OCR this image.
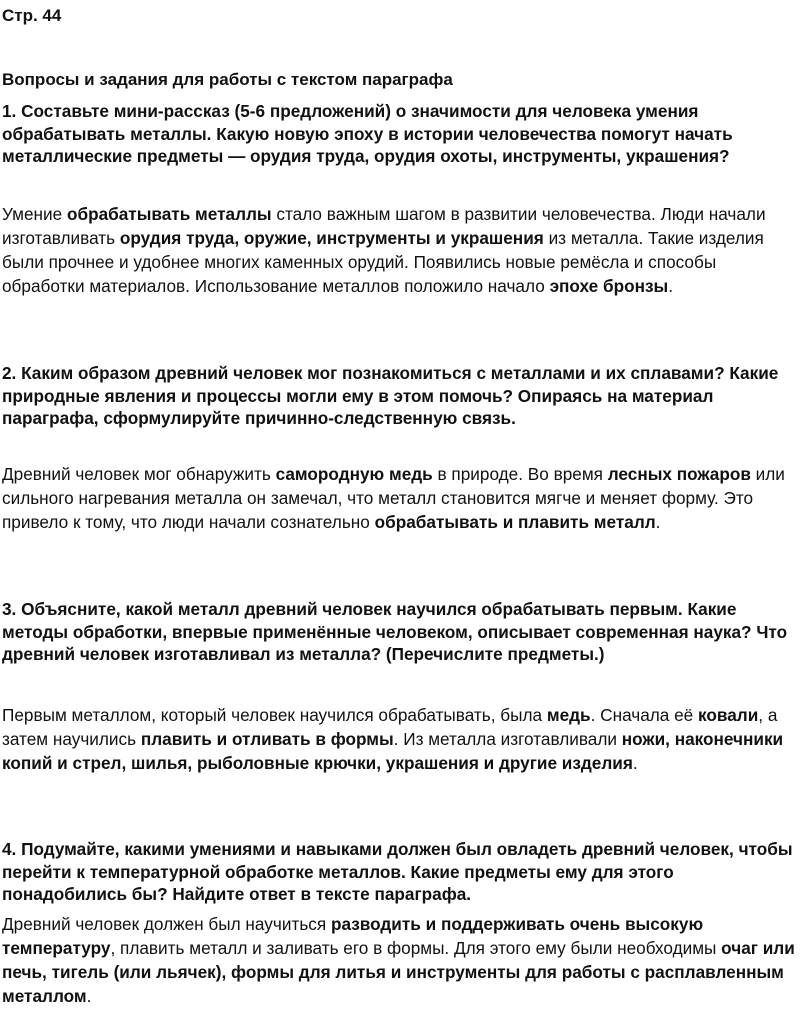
Стр. 44

Вопросы и задания для работы с текстом параграфа

1. Составьте мини-рассказ (5-6 предложений) о значимости для человека умения обрабатывать металлы. Какую новую эпоху в истории человечества помогут начать металлические предметы — орудия труда, орудия охоты, инструменты, украшения?

Умение обрабатывать металлы стало важным шагом в развитии человечества. Люди начали изготавливать орудия труда, оружие, инструменты и украшения из металла. Такие изделия были прочнее и удобнее многих каменных орудий. Появились новые ремёсла и способы обработки материалов. Использование металлов положило начало эпохе бронзы.

2. Каким образом древний человек мог познакомиться с металлами и их сплавами? Какие природные явления и процессы могли ему в этом помочь? Опираясь на материал параграфа, сформулируйте причинно-следственную связь.

Древний человек мог обнаружить самородную медь в природе. Во время лесных пожаров или сильного нагревания металла он замечал, что металл становится мягче и меняет форму. Это привело к тому, что люди начали сознательно обрабатывать и плавить металл.

3. Объясните, какой металл древний человек научился обрабатывать первым. Какие методы обработки, впервые применённые человеком, описывает современная наука? Что древний человек изготавливал из металла? (Перечислите предметы.)

Первым металлом, который человек научился обрабатывать, была медь. Сначала её ковали, а затем научились плавить и отливать в формы. Из металла изготавливали ножи, наконечники копий и стрел, шилья, рыболовные крючки, украшения и другие изделия.

4. Подумайте, какими умениями и навыками должен был овладеть древний человек, чтобы перейти к температурной обработке металлов. Какие предметы ему для этого понадобились бы? Найдите ответ в тексте параграфа.

Древний человек должен был научиться разводить и поддерживать очень высокую температуру, плавить металл и заливать его в формы. Для этого ему были необходимы очаг или печь, тигель (или льячек), формы для литья и инструменты для работы с расплавленным металлом.
